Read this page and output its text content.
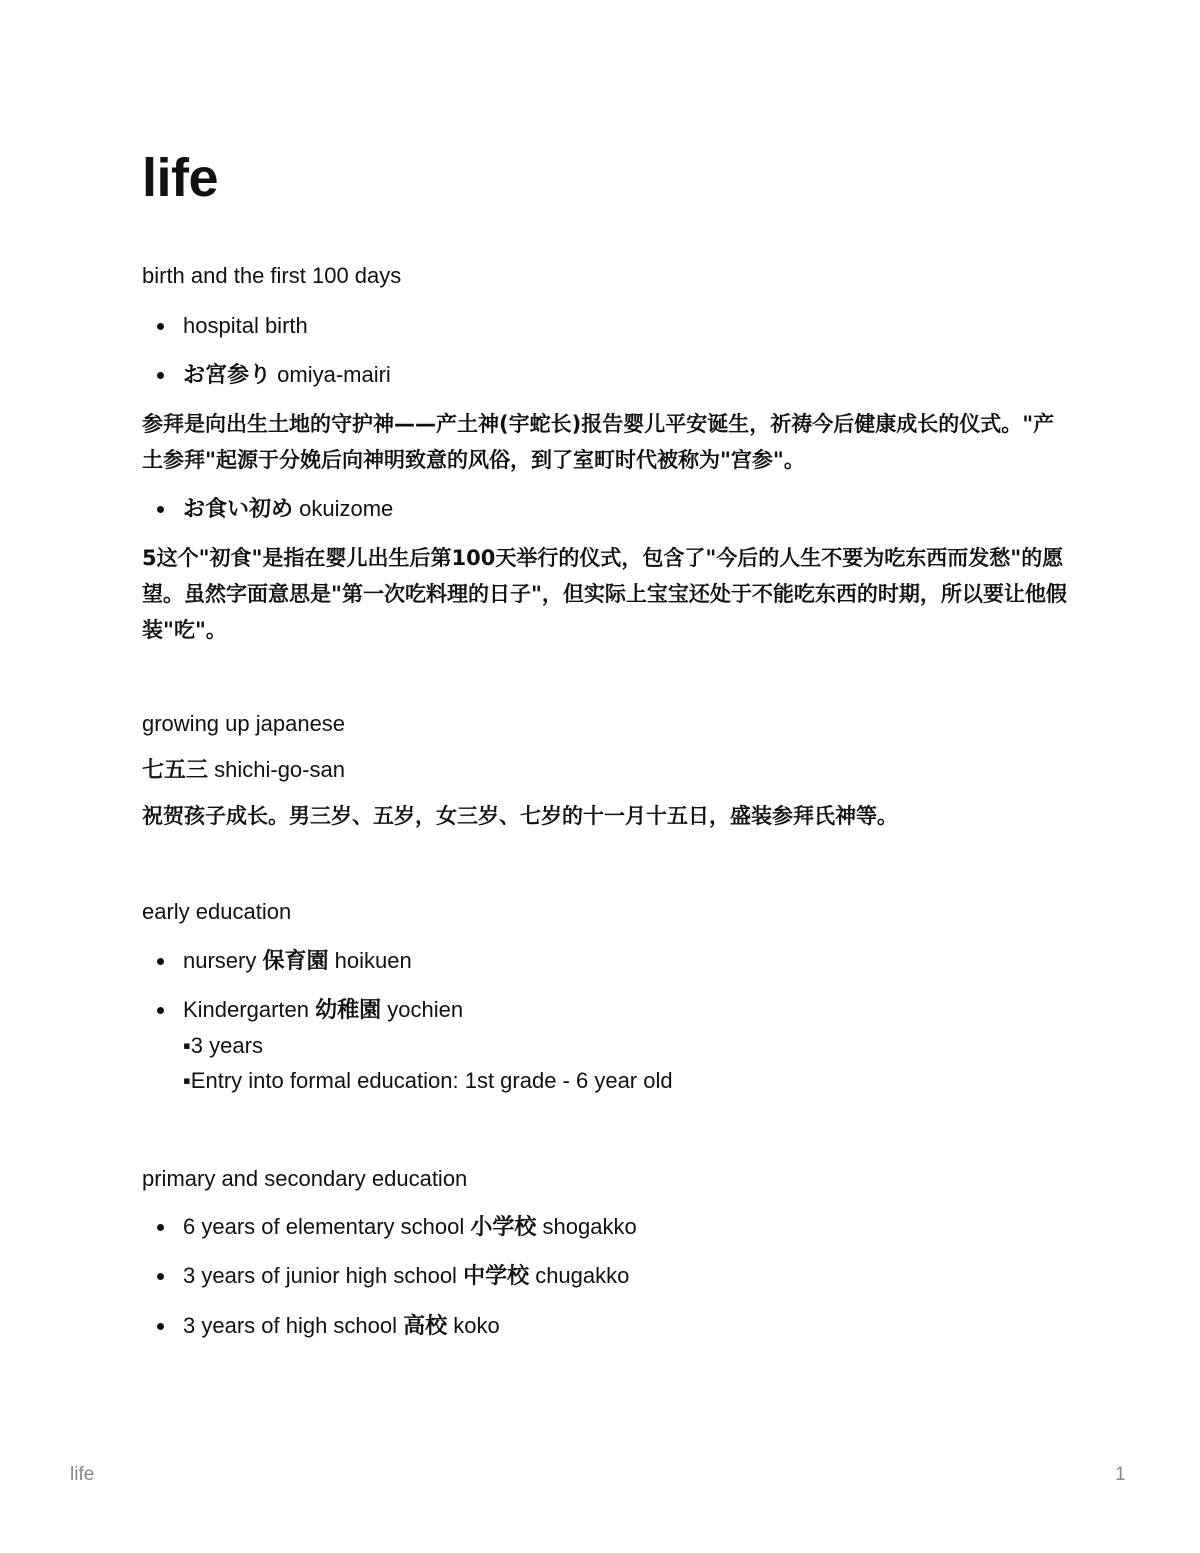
life

birth and the first 100 days

hospital birth
お宮参り omiya-mairi

参拜是向出生土地的守护神——产土神(宇蛇长)报告婴儿平安诞生，祈祷今后健康成长的仪式。"产土参拜"起源于分娩后向神明致意的风俗，到了室町时代被称为"宫参"。

お食い初め okuizome

5这个"初食"是指在婴儿出生后第100天举行的仪式，包含了"今后的人生不要为吃东西而发愁"的愿望。虽然字面意思是"第一次吃料理的日子"，但实际上宝宝还处于不能吃东西的时期，所以要让他假装"吃"。

growing up japanese

七五三 shichi-go-san

祝贺孩子成长。男三岁、五岁，女三岁、七岁的十一月十五日，盛装参拜氏神等。

early education

nursery 保育園 hoikuen
Kindergarten 幼稚園 yochien
▪3 years
▪Entry into formal education: 1st grade - 6 year old

primary and secondary education

6 years of elementary school 小学校 shogakko
3 years of junior high school 中学校 chugakko
3 years of high school 高校 koko
life	1
